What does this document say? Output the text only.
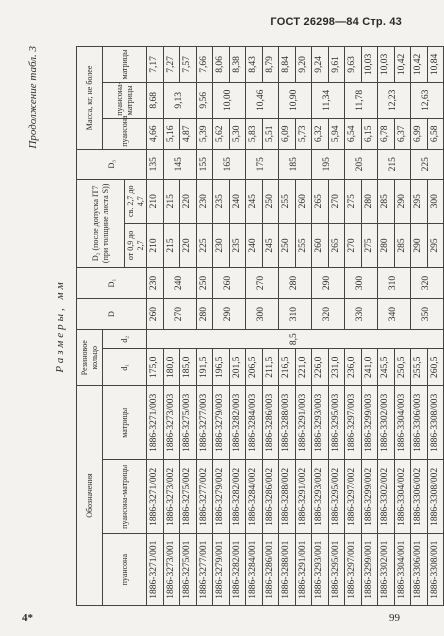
ГОСТ 26298—84 Стр. 43
Продолжение табл. 3
Размеры, мм
Обозначения			Резиновое кольцо		D	D₁	D₂ (после допуска IT7 (при толщине листа S))		D₃	Масса, кг, не более		
пуансона	пуансона-матрицы	матрицы	d₁	d₂						пуансона	пуансона-матрицы	матрицы
							от 0,9 до 2,7	св. 2,7 до 4,7				
1886-3271/001	1886-3271/002	1886-3271/003	175,0	8,5	260	230	210	210	135	4,66	8,68	7,17
1886-3273/001	1886-3273/002	1886-3273/003	180,0		270	240	215	215	145	5,16	9,13	7,27
1886-3275/001	1886-3275/002	1886-3275/003	185,0				220	220		4,87		7,57
1886-3277/001	1886-3277/002	1886-3277/003	191,5		280	250	225	230	155	5,39	9,56	7,66
1886-3279/001	1886-3279/002	1886-3279/003	196,5		290	260	230	235	165	5,62	10,00	8,06
1886-3282/001	1886-3282/002	1886-3282/003	201,5				235	240		5,30		8,38
1886-3284/001	1886-3284/002	1886-3284/003	206,5		300	270	240	245	175	5,83	10,46	8,43
1886-3286/001	1886-3286/002	1886-3286/003	211,5				245	250		5,51		8,79
1886-3288/001	1886-3288/002	1886-3288/003	216,5		310	280	250	255	185	6,09	10,90	8,84
1886-3291/001	1886-3291/002	1886-3291/003	221,0				255	260		5,73		9,20
1886-3293/001	1886-3293/002	1886-3293/003	226,0		320	290	260	265	195	6,32	11,34	9,24
1886-3295/001	1886-3295/002	1886-3295/003	231,0				265	270		5,94		9,61
1886-3297/001	1886-3297/002	1886-3297/003	236,0		330	300	270	275	205	6,54	11,78	9,63
1886-3299/001	1886-3299/002	1886-3299/003	241,0				275	280		6,15		10,03
1886-3302/001	1886-3302/002	1886-3302/003	245,5		340	310	280	285	215	6,78	12,23	10,03
1886-3304/001	1886-3304/002	1886-3304/003	250,5				285	290		6,37		10,42
1886-3306/001	1886-3306/002	1886-3306/003	255,5		350	320	290	295	225	6,99	12,63	10,42
1886-3308/001	1886-3308/002	1886-3308/003	260,5				295	300		6,58		10,84
4*	99
